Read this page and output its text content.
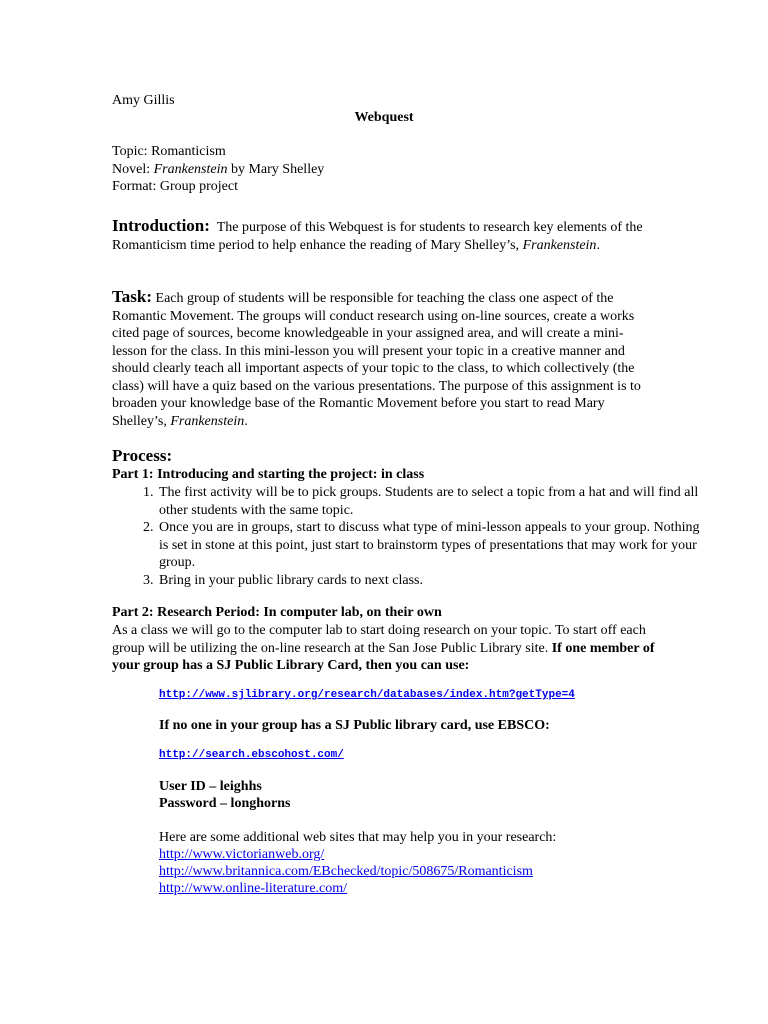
Amy Gillis

Webquest

Topic: Romanticism

Novel: Frankenstein by Mary Shelley

Format: Group project

Introduction: The purpose of this Webquest is for students to research key elements of the Romanticism time period to help enhance the reading of Mary Shelley’s, Frankenstein.

Task: Each group of students will be responsible for teaching the class one aspect of the Romantic Movement. The groups will conduct research using on-line sources, create a works cited page of sources, become knowledgeable in your assigned area, and will create a mini-lesson for the class. In this mini-lesson you will present your topic in a creative manner and should clearly teach all important aspects of your topic to the class, to which collectively (the class) will have a quiz based on the various presentations. The purpose of this assignment is to broaden your knowledge base of the Romantic Movement before you start to read Mary Shelley’s, Frankenstein.

Process:

Part 1: Introducing and starting the project: in class

1. The first activity will be to pick groups. Students are to select a topic from a hat and will find all other students with the same topic.
2. Once you are in groups, start to discuss what type of mini-lesson appeals to your group. Nothing is set in stone at this point, just start to brainstorm types of presentations that may work for your group.
3. Bring in your public library cards to next class.

Part 2: Research Period: In computer lab, on their own

As a class we will go to the computer lab to start doing research on your topic. To start off each group will be utilizing the on-line research at the San Jose Public Library site. If one member of your group has a SJ Public Library Card, then you can use:

http://www.sjlibrary.org/research/databases/index.htm?getType=4

If no one in your group has a SJ Public library card, use EBSCO:

http://search.ebscohost.com/

User ID – leighhs

Password – longhorns

Here are some additional web sites that may help you in your research:

http://www.victorianweb.org/

http://www.britannica.com/EBchecked/topic/508675/Romanticism

http://www.online-literature.com/
